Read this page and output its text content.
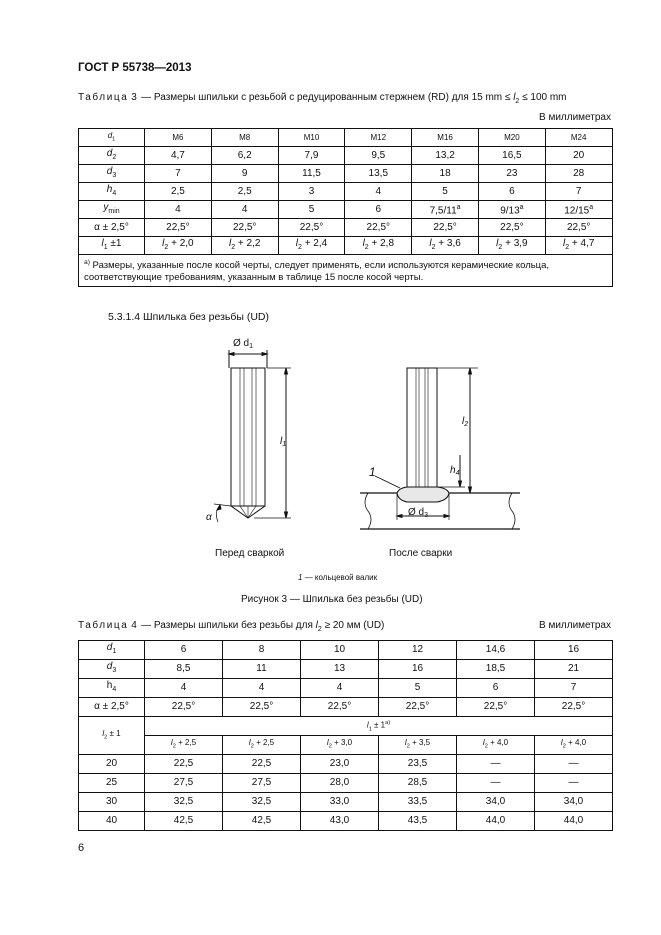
ГОСТ Р 55738—2013
Таблица 3 — Размеры шпильки с резьбой с редуцированным стержнем (RD) для 15 mm ≤ $l_2 \le 100$ mm
В миллиметрах
$d_1$	M6	M8	M10	M12	M16	M20	M24
$d_2$	4,7	6,2	7,9	9,5	13,2	16,5	20
$d_3$	7	9	11,5	13,5	18	23	28
$h_4$	2,5	2,5	3	4	5	6	7
$y_{min}$	4	4	5	6	7,5/11$^a$	9/13$^a$	12/15$^a$
α ± 2,5°	22,5°	22,5°	22,5°	22,5°	22,5°	22,5°	22,5°
$l_1 \pm 1$	$l_2 + 2,0$	$l_2 + 2,2$	$l_2 + 2,4$	$l_2 + 2,8$	$l_2 + 3,6$	$l_2 + 3,9$	$l_2 + 4,7$
$^{a)}$ Размеры, указанные после косой черты, следует применять, если используются керамические кольца, соответствующие требованиям, указанным в таблице 15 после косой черты.							
5.3.1.4 Шпилька без резьбы (UD)
Ø $d_1$
$l_1$
α
$l_2$
$h_4$
Ø $d_3$
1
Перед сваркой	После сварки
1 — кольцевой валик
Рисунок 3 — Шпилька без резьбы (UD)
Таблица 4 — Размеры шпильки без резьбы для $l_2 \ge 20$ мм (UD)	В миллиметрах
$d_1$	6	8	10	12	14,6	16
$d_3$	8,5	11	13	16	18,5	21
$h_4$	4	4	4	5	6	7
α ± 2,5°	22,5°	22,5°	22,5°	22,5°	22,5°	22,5°
$l_2 \pm 1$	$l_1 \pm 1^{a)}$
	$l_2 + 2,5$	$l_2 + 2,5$	$l_2 + 3,0$	$l_2 + 3,5$	$l_2 + 4,0$	$l_2 + 4,0$
20	22,5	22,5	23,0	23,5	—	—
25	27,5	27,5	28,0	28,5	—	—
30	32,5	32,5	33,0	33,5	34,0	34,0
40	42,5	42,5	43,0	43,5	44,0	44,0
6
